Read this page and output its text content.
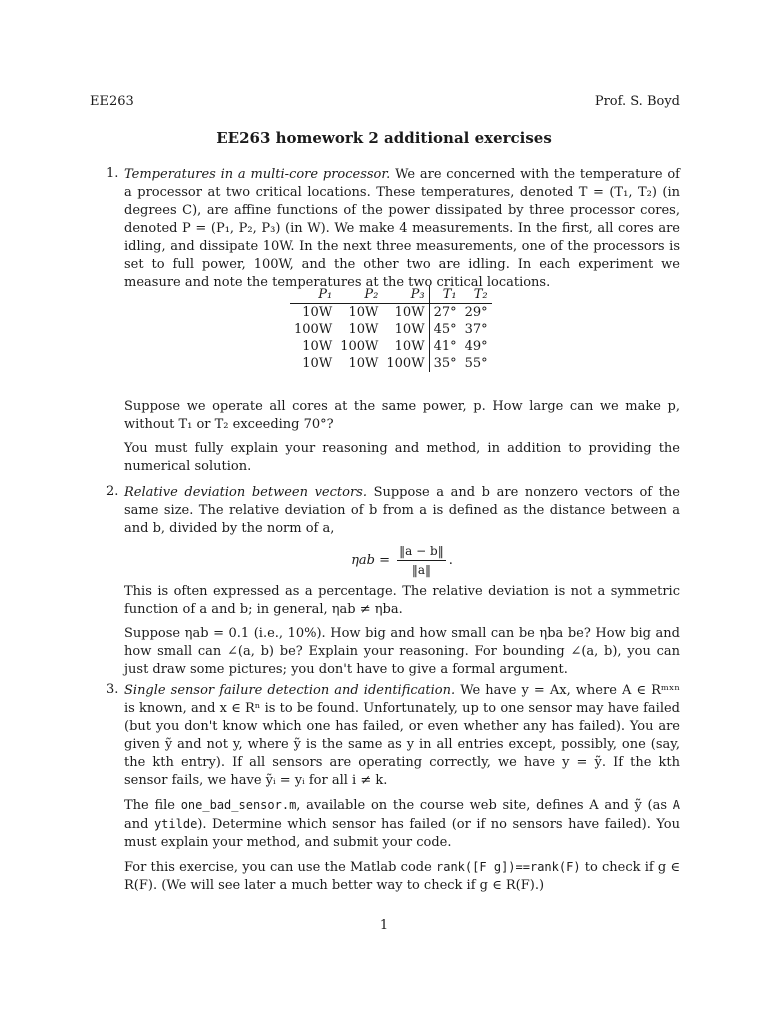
EE263	Prof. S. Boyd
EE263 homework 2 additional exercises
1. Temperatures in a multi-core processor. We are concerned with the temperature of a processor at two critical locations. These temperatures, denoted T = (T₁, T₂) (in degrees C), are affine functions of the power dissipated by three processor cores, denoted P = (P₁, P₂, P₃) (in W). We make 4 measurements. In the first, all cores are idling, and dissipate 10W. In the next three measurements, one of the processors is set to full power, 100W, and the other two are idling. In each experiment we measure and note the temperatures at the two critical locations.

P₁	P₂	P₃	T₁	T₂
10W	10W	10W	27°	29°
100W	10W	10W	45°	37°
10W	100W	10W	41°	49°
10W	10W	100W	35°	55°

Suppose we operate all cores at the same power, p. How large can we make p, without T₁ or T₂ exceeding 70°?

You must fully explain your reasoning and method, in addition to providing the numerical solution.

2. Relative deviation between vectors. Suppose a and b are nonzero vectors of the same size. The relative deviation of b from a is defined as the distance between a and b, divided by the norm of a,

$\eta ab = \frac{‖a - b‖}{‖a‖}$ .

This is often expressed as a percentage. The relative deviation is not a symmetric function of a and b; in general, ηab ≠ ηba.

Suppose ηab = 0.1 (i.e., 10%). How big and how small can be ηba be? How big and how small can ∠(a, b) be? Explain your reasoning. For bounding ∠(a, b), you can just draw some pictures; you don't have to give a formal argument.

3. Single sensor failure detection and identification. We have y = Ax, where A ∈ Rᵐˣⁿ is known, and x ∈ Rⁿ is to be found. Unfortunately, up to one sensor may have failed (but you don't know which one has failed, or even whether any has failed). You are given ỹ and not y, where ỹ is the same as y in all entries except, possibly, one (say, the kth entry). If all sensors are operating correctly, we have y = ỹ. If the kth sensor fails, we have ỹᵢ = yᵢ for all i ≠ k.

The file one_bad_sensor.m, available on the course web site, defines A and ỹ (as A and ytilde). Determine which sensor has failed (or if no sensors have failed). You must explain your method, and submit your code.

For this exercise, you can use the Matlab code rank([F g])==rank(F) to check if g ∈ R(F). (We will see later a much better way to check if g ∈ R(F).)

1
